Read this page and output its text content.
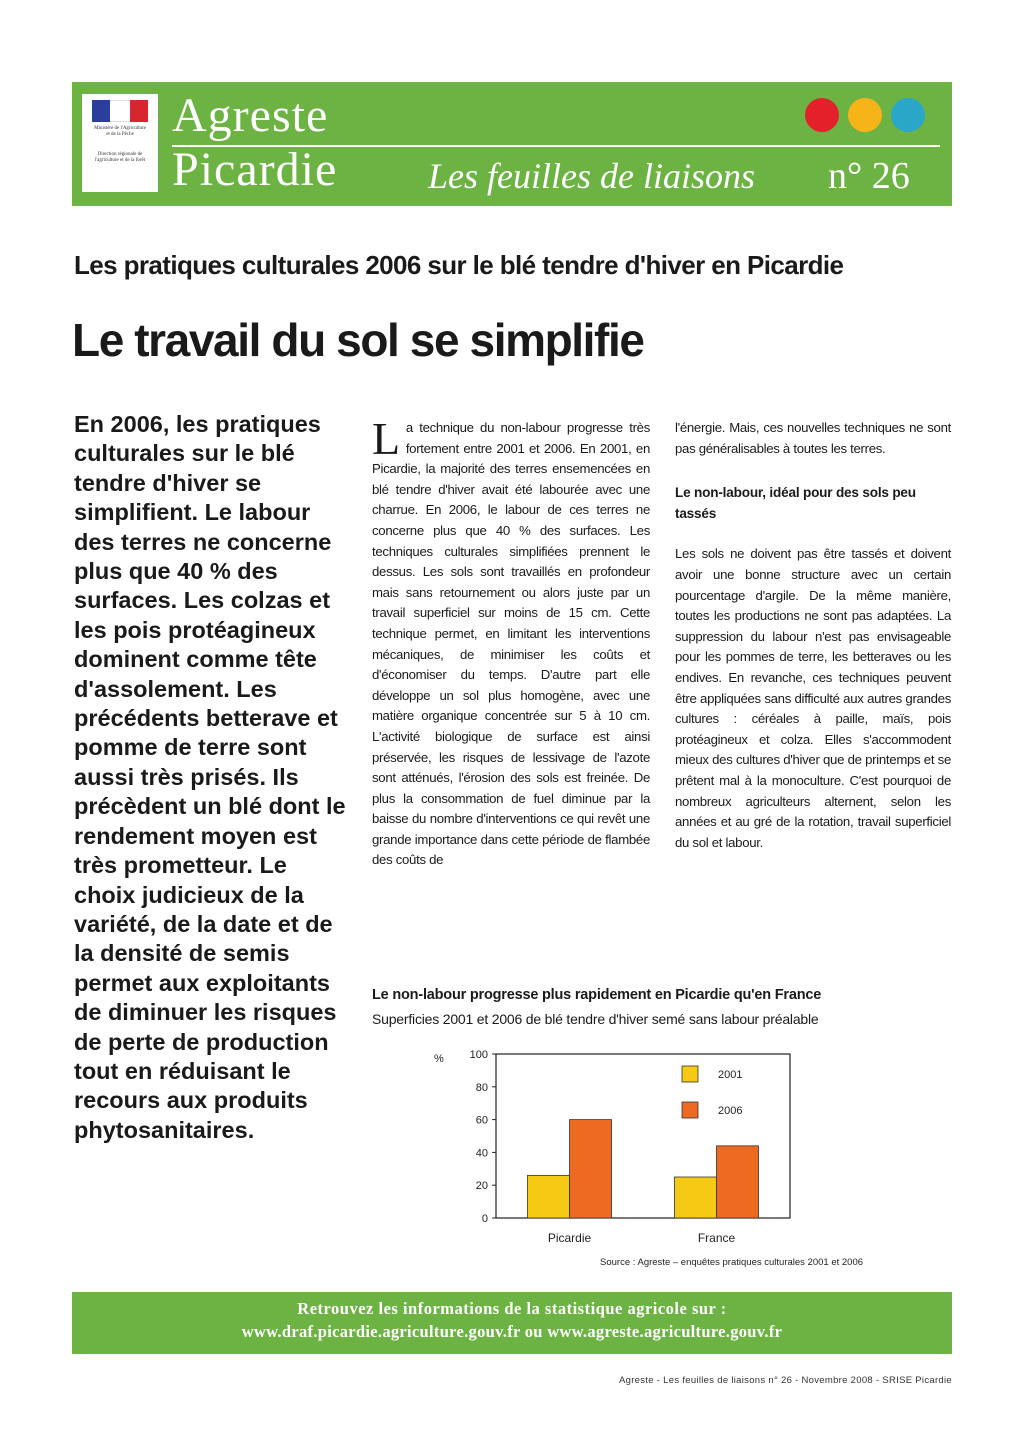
Ministère de l'Agriculture et de la Pêche
Direction régionale de l'agriculture et de la forêt
Agreste
Picardie	Les feuilles de liaisons n° 26
Les pratiques culturales 2006 sur le blé tendre d'hiver en Picardie
Le travail du sol se simplifie
En 2006, les pratiques culturales sur le blé tendre d'hiver se simplifient. Le labour des terres ne concerne plus que 40 % des surfaces. Les colzas et les pois protéagineux dominent comme tête d'assolement. Les précédents betterave et pomme de terre sont aussi très prisés. Ils précèdent un blé dont le rendement moyen est très prometteur. Le choix judicieux de la variété, de la date et de la densité de semis permet aux exploitants de diminuer les risques de perte de production tout en réduisant le recours aux produits phytosanitaires.
La technique du non-labour progresse très fortement entre 2001 et 2006. En 2001, en Picardie, la majorité des terres ensemencées en blé tendre d'hiver avait été labourée avec une charrue. En 2006, le labour de ces terres ne concerne plus que 40 % des surfaces. Les techniques culturales simplifiées prennent le dessus. Les sols sont travaillés en profondeur mais sans retournement ou alors juste par un travail superficiel sur moins de 15 cm. Cette technique permet, en limitant les interventions mécaniques, de minimiser les coûts et d'économiser du temps. D'autre part elle développe un sol plus homogène, avec une matière organique concentrée sur 5 à 10 cm. L'activité biologique de surface est ainsi préservée, les risques de lessivage de l'azote sont atténués, l'érosion des sols est freinée. De plus la consommation de fuel diminue par la baisse du nombre d'interventions ce qui revêt une grande importance dans cette période de flambée des coûts de
l'énergie. Mais, ces nouvelles techniques ne sont pas généralisables à toutes les terres.
Le non-labour, idéal pour des sols peu tassés
Les sols ne doivent pas être tassés et doivent avoir une bonne structure avec un certain pourcentage d'argile. De la même manière, toutes les productions ne sont pas adaptées. La suppression du labour n'est pas envisageable pour les pommes de terre, les betteraves ou les endives. En revanche, ces techniques peuvent être appliquées sans difficulté aux autres grandes cultures : céréales à paille, maïs, pois protéagineux et colza. Elles s'accommodent mieux des cultures d'hiver que de printemps et se prêtent mal à la monoculture. C'est pourquoi de nombreux agriculteurs alternent, selon les années et au gré de la rotation, travail superficiel du sol et labour.
Le non-labour progresse plus rapidement en Picardie qu'en France
Superficies 2001 et 2006 de blé tendre d'hiver semé sans labour préalable
0
20
40
60
80
100
%
Picardie	France
2001
2006
Source : Agreste – enquêtes pratiques culturales 2001 et 2006
Retrouvez les informations de la statistique agricole sur :
www.draf.picardie.agriculture.gouv.fr ou www.agreste.agriculture.gouv.fr
Agreste - Les feuilles de liaisons n° 26 - Novembre 2008 - SRISE Picardie
